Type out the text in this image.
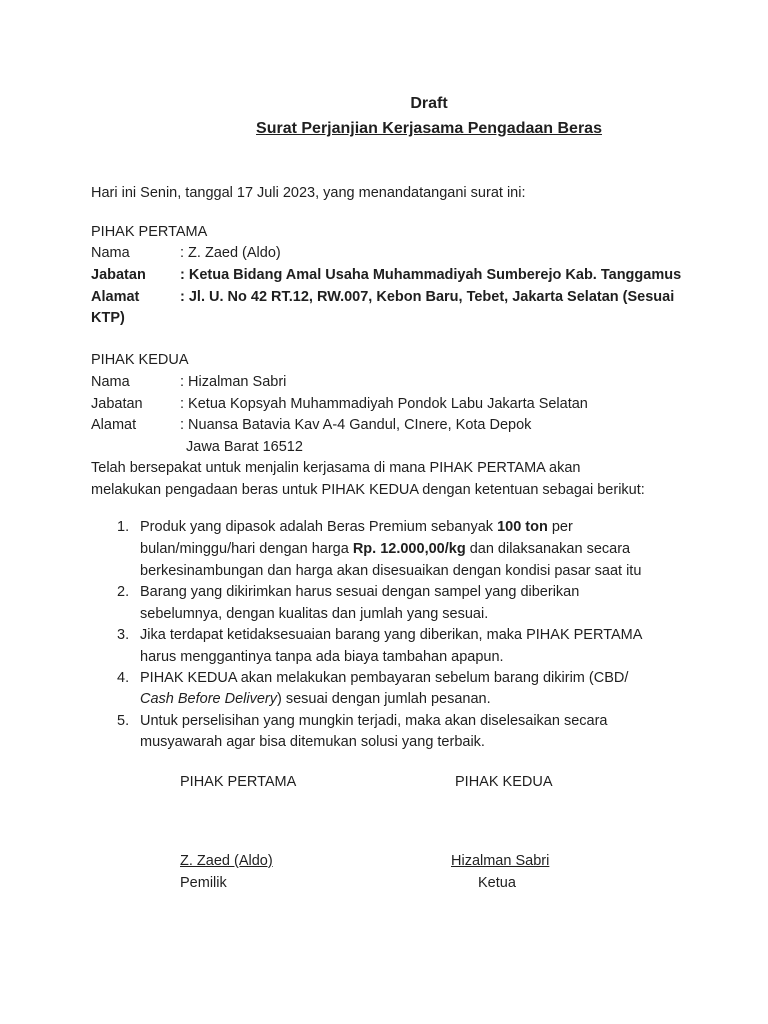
Draft
Surat Perjanjian Kerjasama Pengadaan Beras
Hari ini Senin, tanggal 17 Juli 2023, yang menandatangani surat ini:
PIHAK PERTAMA
Nama	: Z. Zaed (Aldo)
Jabatan : Ketua Bidang Amal Usaha Muhammadiyah Sumberejo Kab. Tanggamus
Alamat	: Jl. U. No 42 RT.12, RW.007, Kebon Baru, Tebet, Jakarta Selatan (Sesuai
KTP)
PIHAK KEDUA
Nama	: Hizalman Sabri
Jabatan	: Ketua Kopsyah Muhammadiyah Pondok Labu Jakarta Selatan
Alamat	: Nuansa Batavia Kav A-4 Gandul, CInere, Kota Depok
Jawa Barat 16512
Telah bersepakat untuk menjalin kerjasama di mana PIHAK PERTAMA akan
melakukan pengadaan beras untuk PIHAK KEDUA dengan ketentuan sebagai berikut:
1. Produk yang dipasok adalah Beras Premium sebanyak 100 ton per
bulan/minggu/hari dengan harga Rp. 12.000,00/kg dan dilaksanakan secara
berkesinambungan dan harga akan disesuaikan dengan kondisi pasar saat itu
2. Barang yang dikirimkan harus sesuai dengan sampel yang diberikan
sebelumnya, dengan kualitas dan jumlah yang sesuai.
3. Jika terdapat ketidaksesuaian barang yang diberikan, maka PIHAK PERTAMA
harus menggantinya tanpa ada biaya tambahan apapun.
4. PIHAK KEDUA akan melakukan pembayaran sebelum barang dikirim (CBD/
Cash Before Delivery) sesuai dengan jumlah pesanan.
5. Untuk perselisihan yang mungkin terjadi, maka akan diselesaikan secara
musyawarah agar bisa ditemukan solusi yang terbaik.
PIHAK PERTAMA	PIHAK KEDUA
Z. Zaed (Aldo)	Hizalman Sabri
Pemilik	Ketua
